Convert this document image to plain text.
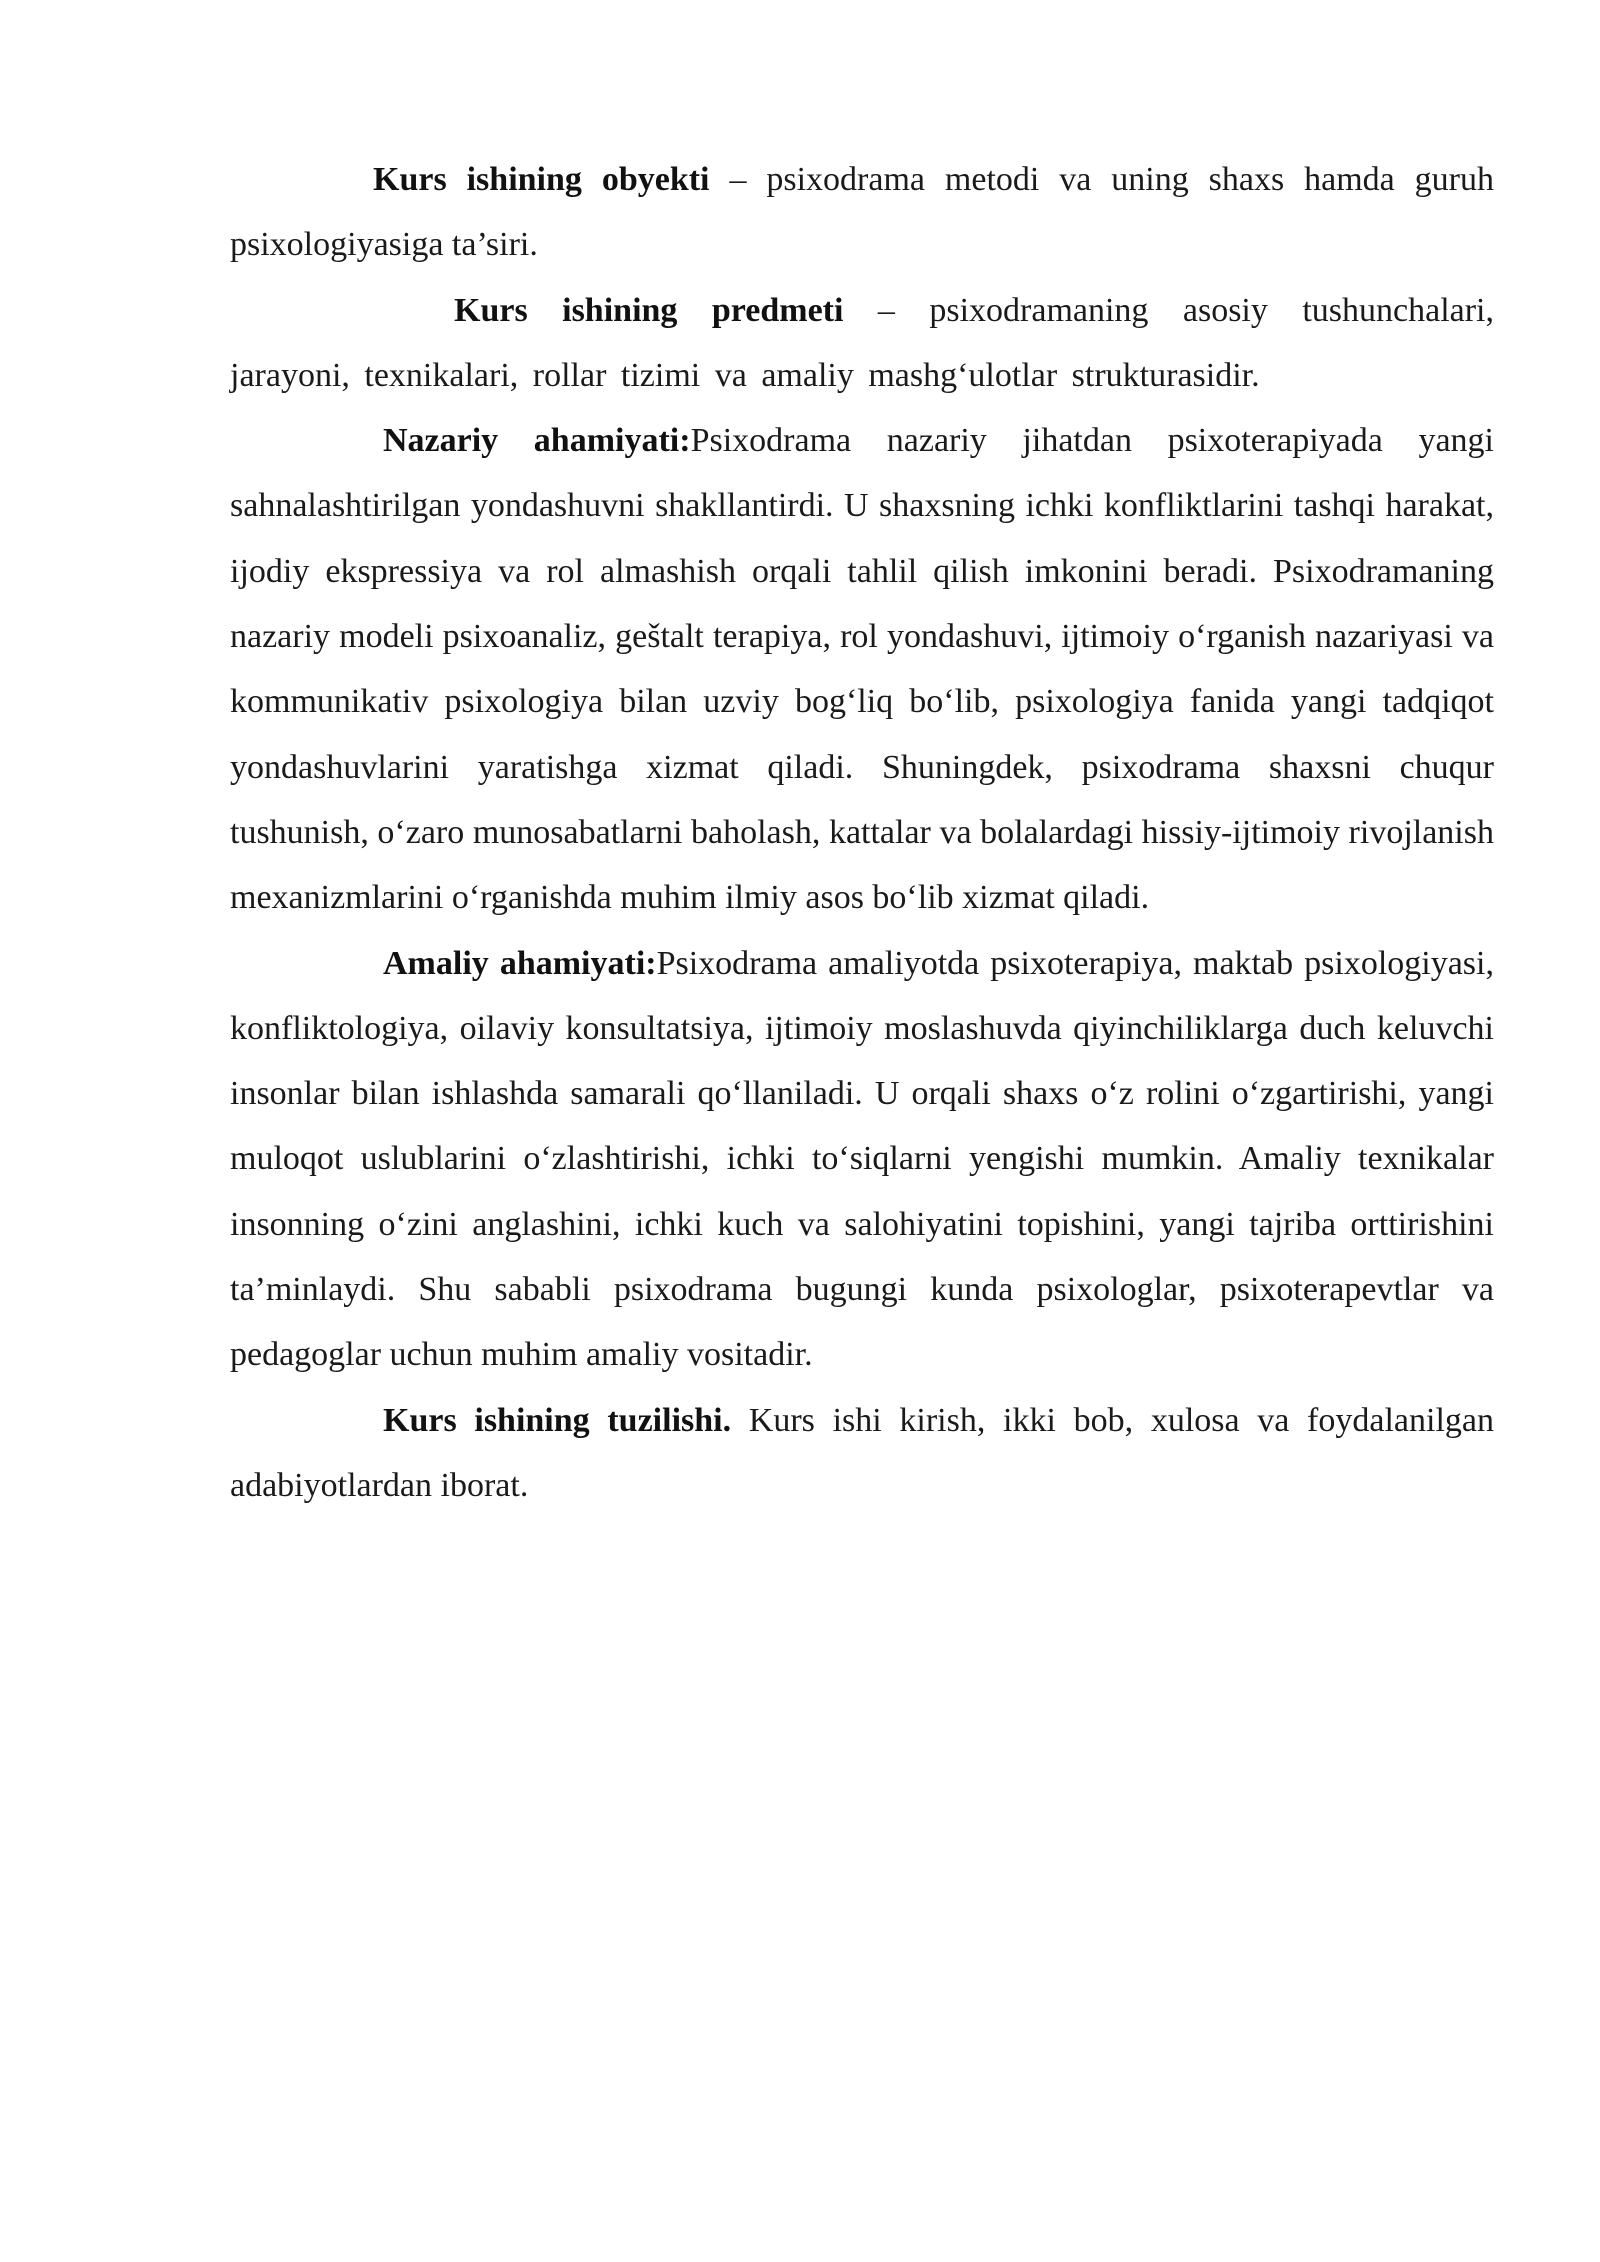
Kurs ishining obyekti – psixodrama metodi va uning shaxs hamda guruh psixologiyasiga ta’siri.

Kurs ishining predmeti – psixodramaning asosiy tushunchalari, jarayoni, texnikalari, rollar tizimi va amaliy mashg‘ulotlar strukturasidir.

Nazariy ahamiyati:Psixodrama nazariy jihatdan psixoterapiyada yangi sahnalashtirilgan yondashuvni shakllantirdi. U shaxsning ichki konfliktlarini tashqi harakat, ijodiy ekspressiya va rol almashish orqali tahlil qilish imkonini beradi. Psixodramaning nazariy modeli psixoanaliz, geštalt terapiya, rol yondashuvi, ijtimoiy o‘rganish nazariyasi va kommunikativ psixologiya bilan uzviy bog‘liq bo‘lib, psixologiya fanida yangi tadqiqot yondashuvlarini yaratishga xizmat qiladi. Shuningdek, psixodrama shaxsni chuqur tushunish, o‘zaro munosabatlarni baholash, kattalar va bolalardagi hissiy-ijtimoiy rivojlanish mexanizmlarini o‘rganishda muhim ilmiy asos bo‘lib xizmat qiladi.

Amaliy ahamiyati:Psixodrama amaliyotda psixoterapiya, maktab psixologiyasi, konfliktologiya, oilaviy konsultatsiya, ijtimoiy moslashuvda qiyinchiliklarga duch keluvchi insonlar bilan ishlashda samarali qo‘llaniladi. U orqali shaxs o‘z rolini o‘zgartirishi, yangi muloqot uslublarini o‘zlashtirishi, ichki to‘siqlarni yengishi mumkin. Amaliy texnikalar insonning o‘zini anglashini, ichki kuch va salohiyatini topishini, yangi tajriba orttirishini ta’minlaydi. Shu sababli psixodrama bugungi kunda psixologlar, psixoterapevtlar va pedagoglar uchun muhim amaliy vositadir.

Kurs ishining tuzilishi. Kurs ishi kirish, ikki bob, xulosa va foydalanilgan adabiyotlardan iborat.
